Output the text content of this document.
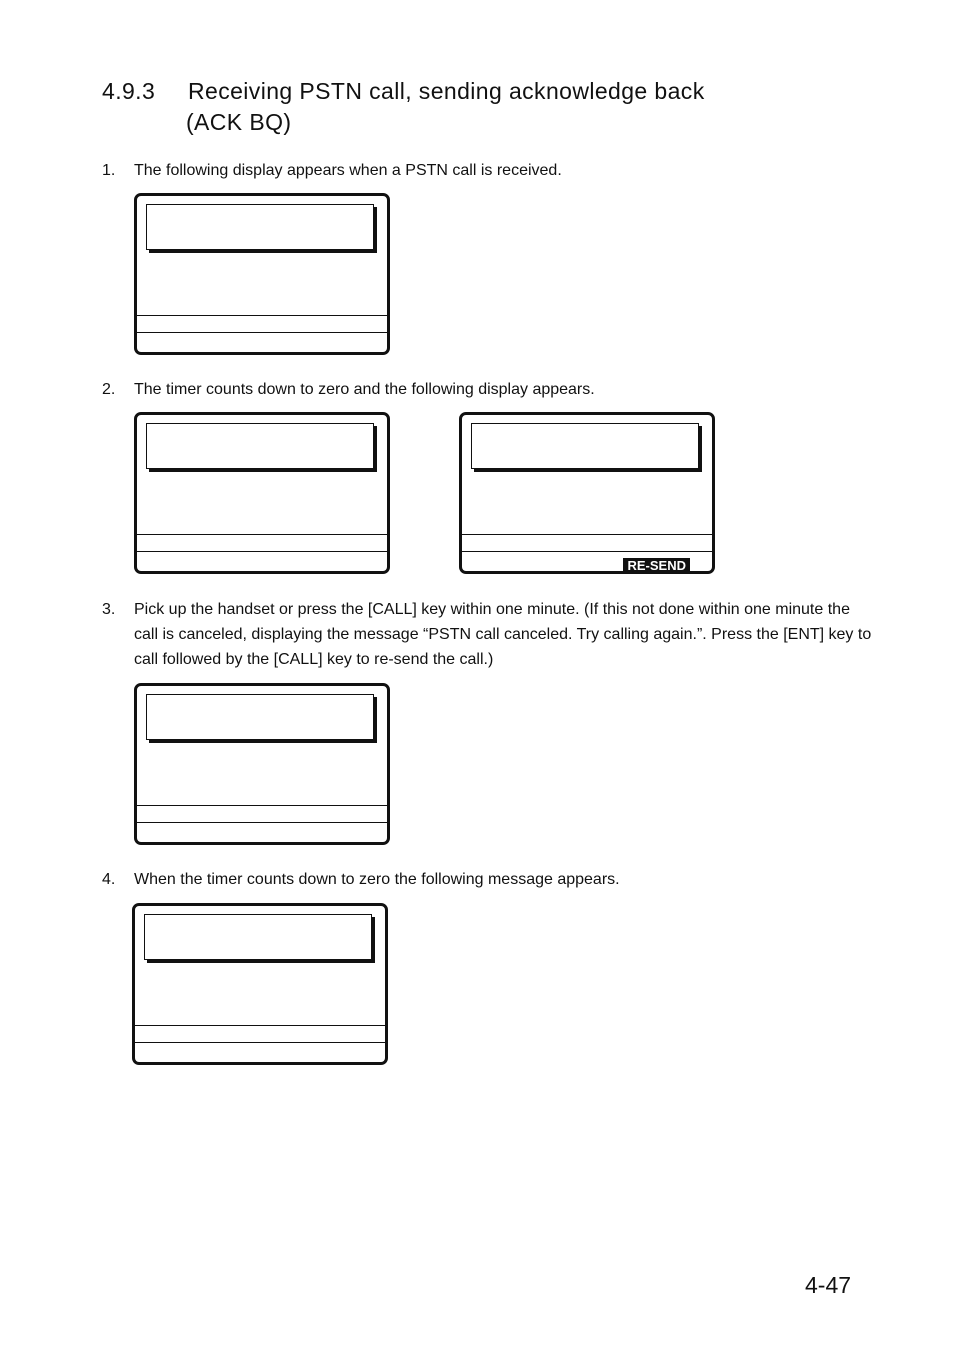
4.9.3 Receiving PSTN call, sending acknowledge back
(ACK BQ)
1. The following display appears when a PSTN call is received.
2. The timer counts down to zero and the following display appears.
RE-SEND
3. Pick up the handset or press the [CALL] key within one minute. (If this not done within one minute the call is canceled, displaying the message “PSTN call canceled. Try calling again.”. Press the [ENT] key to call followed by the [CALL] key to re-send the call.)
4. When the timer counts down to zero the following message appears.
4-47
